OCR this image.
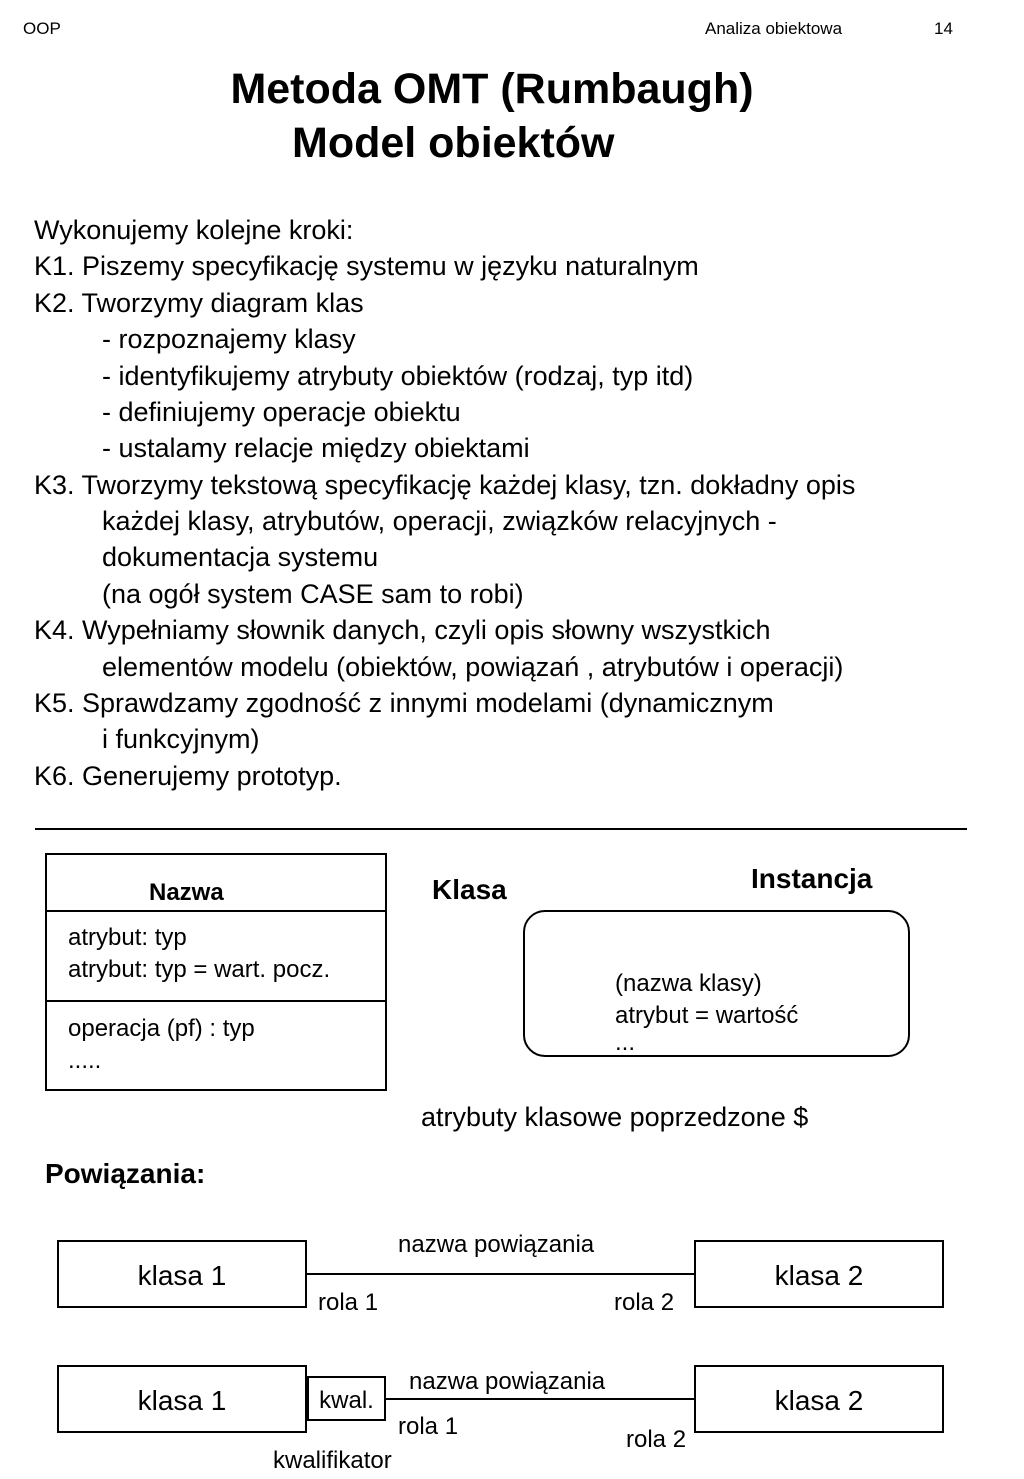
OOP	Analiza obiektowa	14
Metoda OMT (Rumbaugh)
Model obiektów
Wykonujemy kolejne kroki:
K1. Piszemy specyfikację systemu w języku naturalnym
K2. Tworzymy diagram klas
- rozpoznajemy klasy
- identyfikujemy atrybuty obiektów (rodzaj, typ itd)
- definiujemy operacje obiektu
- ustalamy relacje między obiektami
K3. Tworzymy tekstową specyfikację każdej klasy, tzn. dokładny opis
każdej klasy, atrybutów, operacji, związków relacyjnych -
dokumentacja systemu
(na ogół system CASE sam to robi)
K4. Wypełniamy słownik danych, czyli opis słowny wszystkich
elementów modelu (obiektów, powiązań , atrybutów i operacji)
K5. Sprawdzamy zgodność z innymi modelami (dynamicznym
i funkcyjnym)
K6. Generujemy prototyp.
Nazwa
atrybut: typ
atrybut: typ = wart. pocz.
operacja (pf) : typ
.....
Klasa	Instancja
(nazwa klasy)
atrybut = wartość
...
atrybuty klasowe poprzedzone $
Powiązania:
klasa 1	klasa 2
nazwa powiązania
rola 1	rola 2
klasa 1	kwal.	klasa 2
nazwa powiązania
rola 1	rola 2
kwalifikator
